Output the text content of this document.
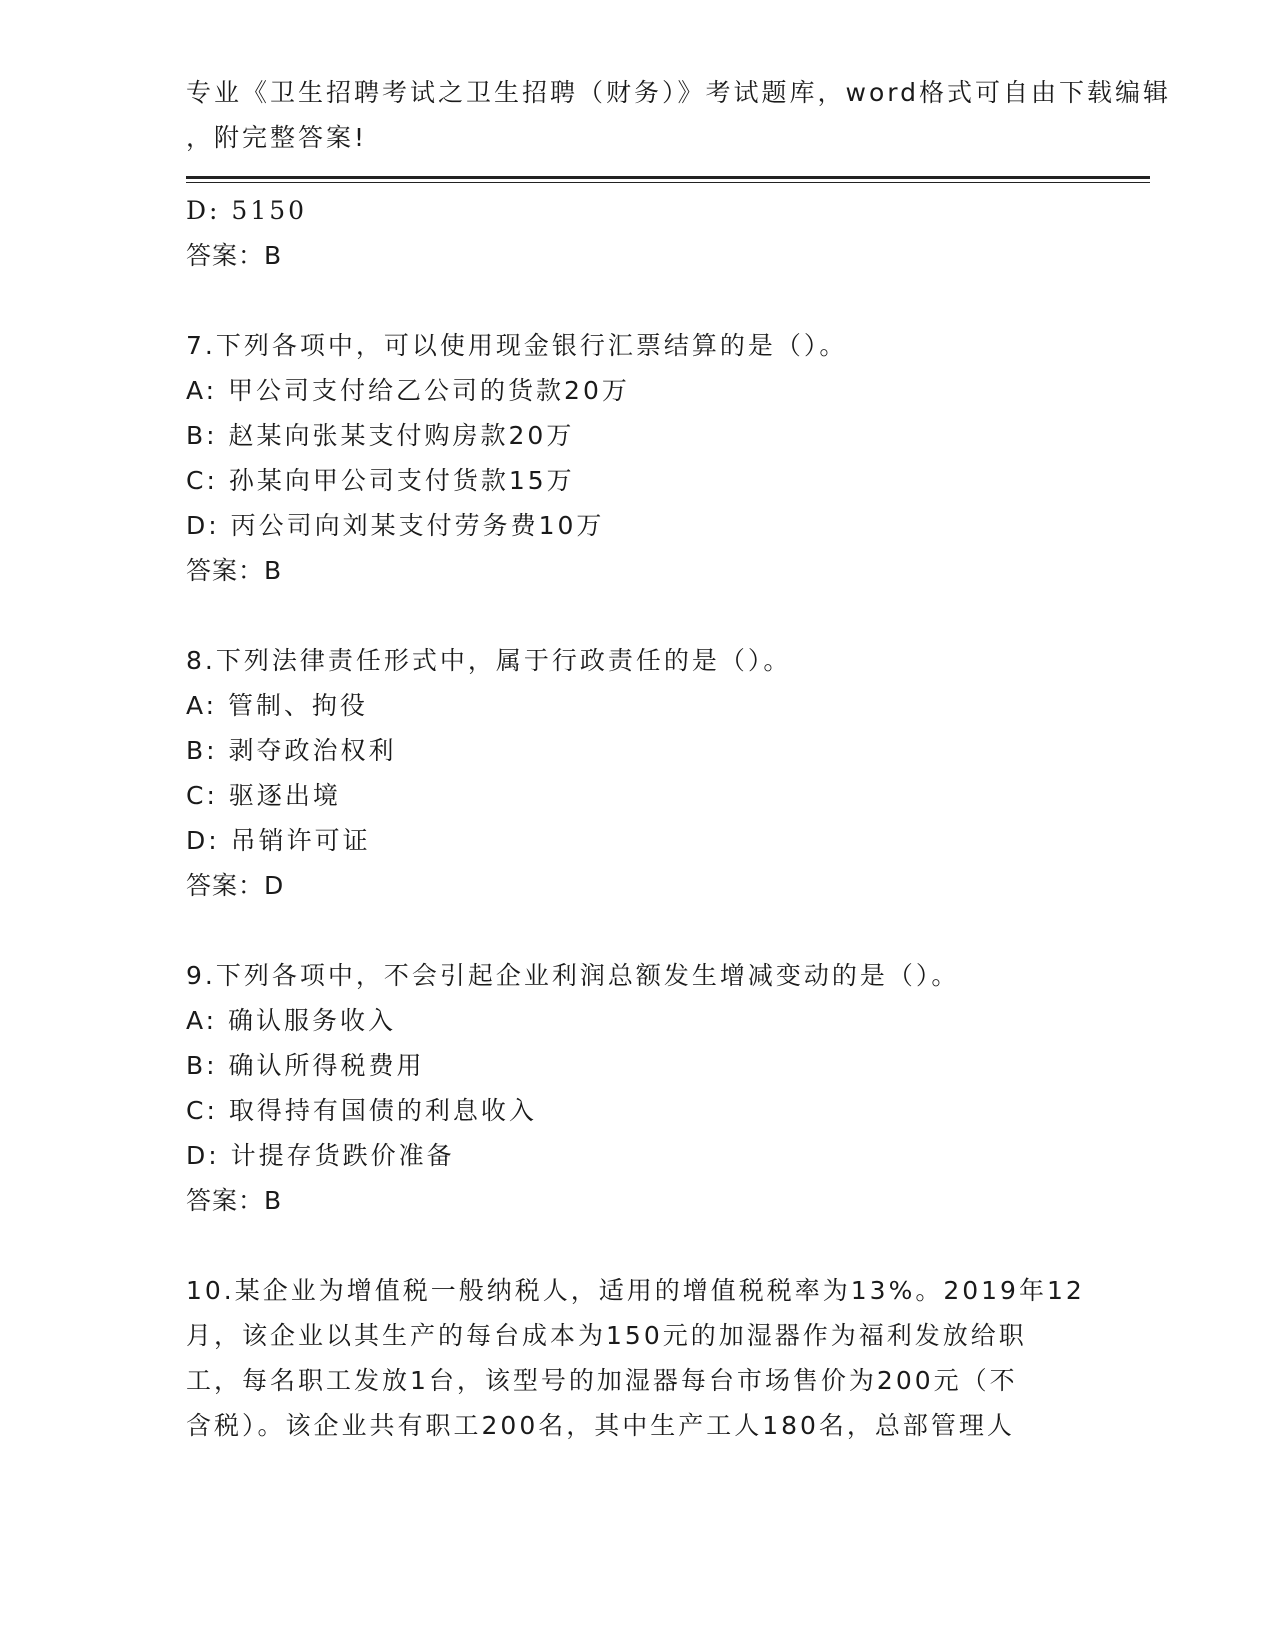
专业《卫生招聘考试之卫生招聘（财务）》考试题库，word格式可自由下载编辑
，附完整答案!
D: 5150
答案：B
7.下列各项中，可以使用现金银行汇票结算的是（）。
A: 甲公司支付给乙公司的货款20万
B: 赵某向张某支付购房款20万
C: 孙某向甲公司支付货款15万
D: 丙公司向刘某支付劳务费10万
答案：B
8.下列法律责任形式中，属于行政责任的是（）。
A: 管制、拘役
B: 剥夺政治权利
C: 驱逐出境
D: 吊销许可证
答案：D
9.下列各项中，不会引起企业利润总额发生增减变动的是（）。
A: 确认服务收入
B: 确认所得税费用
C: 取得持有国债的利息收入
D: 计提存货跌价准备
答案：B
10.某企业为增值税一般纳税人，适用的增值税税率为13%。2019年12
月，该企业以其生产的每台成本为150元的加湿器作为福利发放给职
工，每名职工发放1台，该型号的加湿器每台市场售价为200元（不
含税）。该企业共有职工200名，其中生产工人180名，总部管理人
